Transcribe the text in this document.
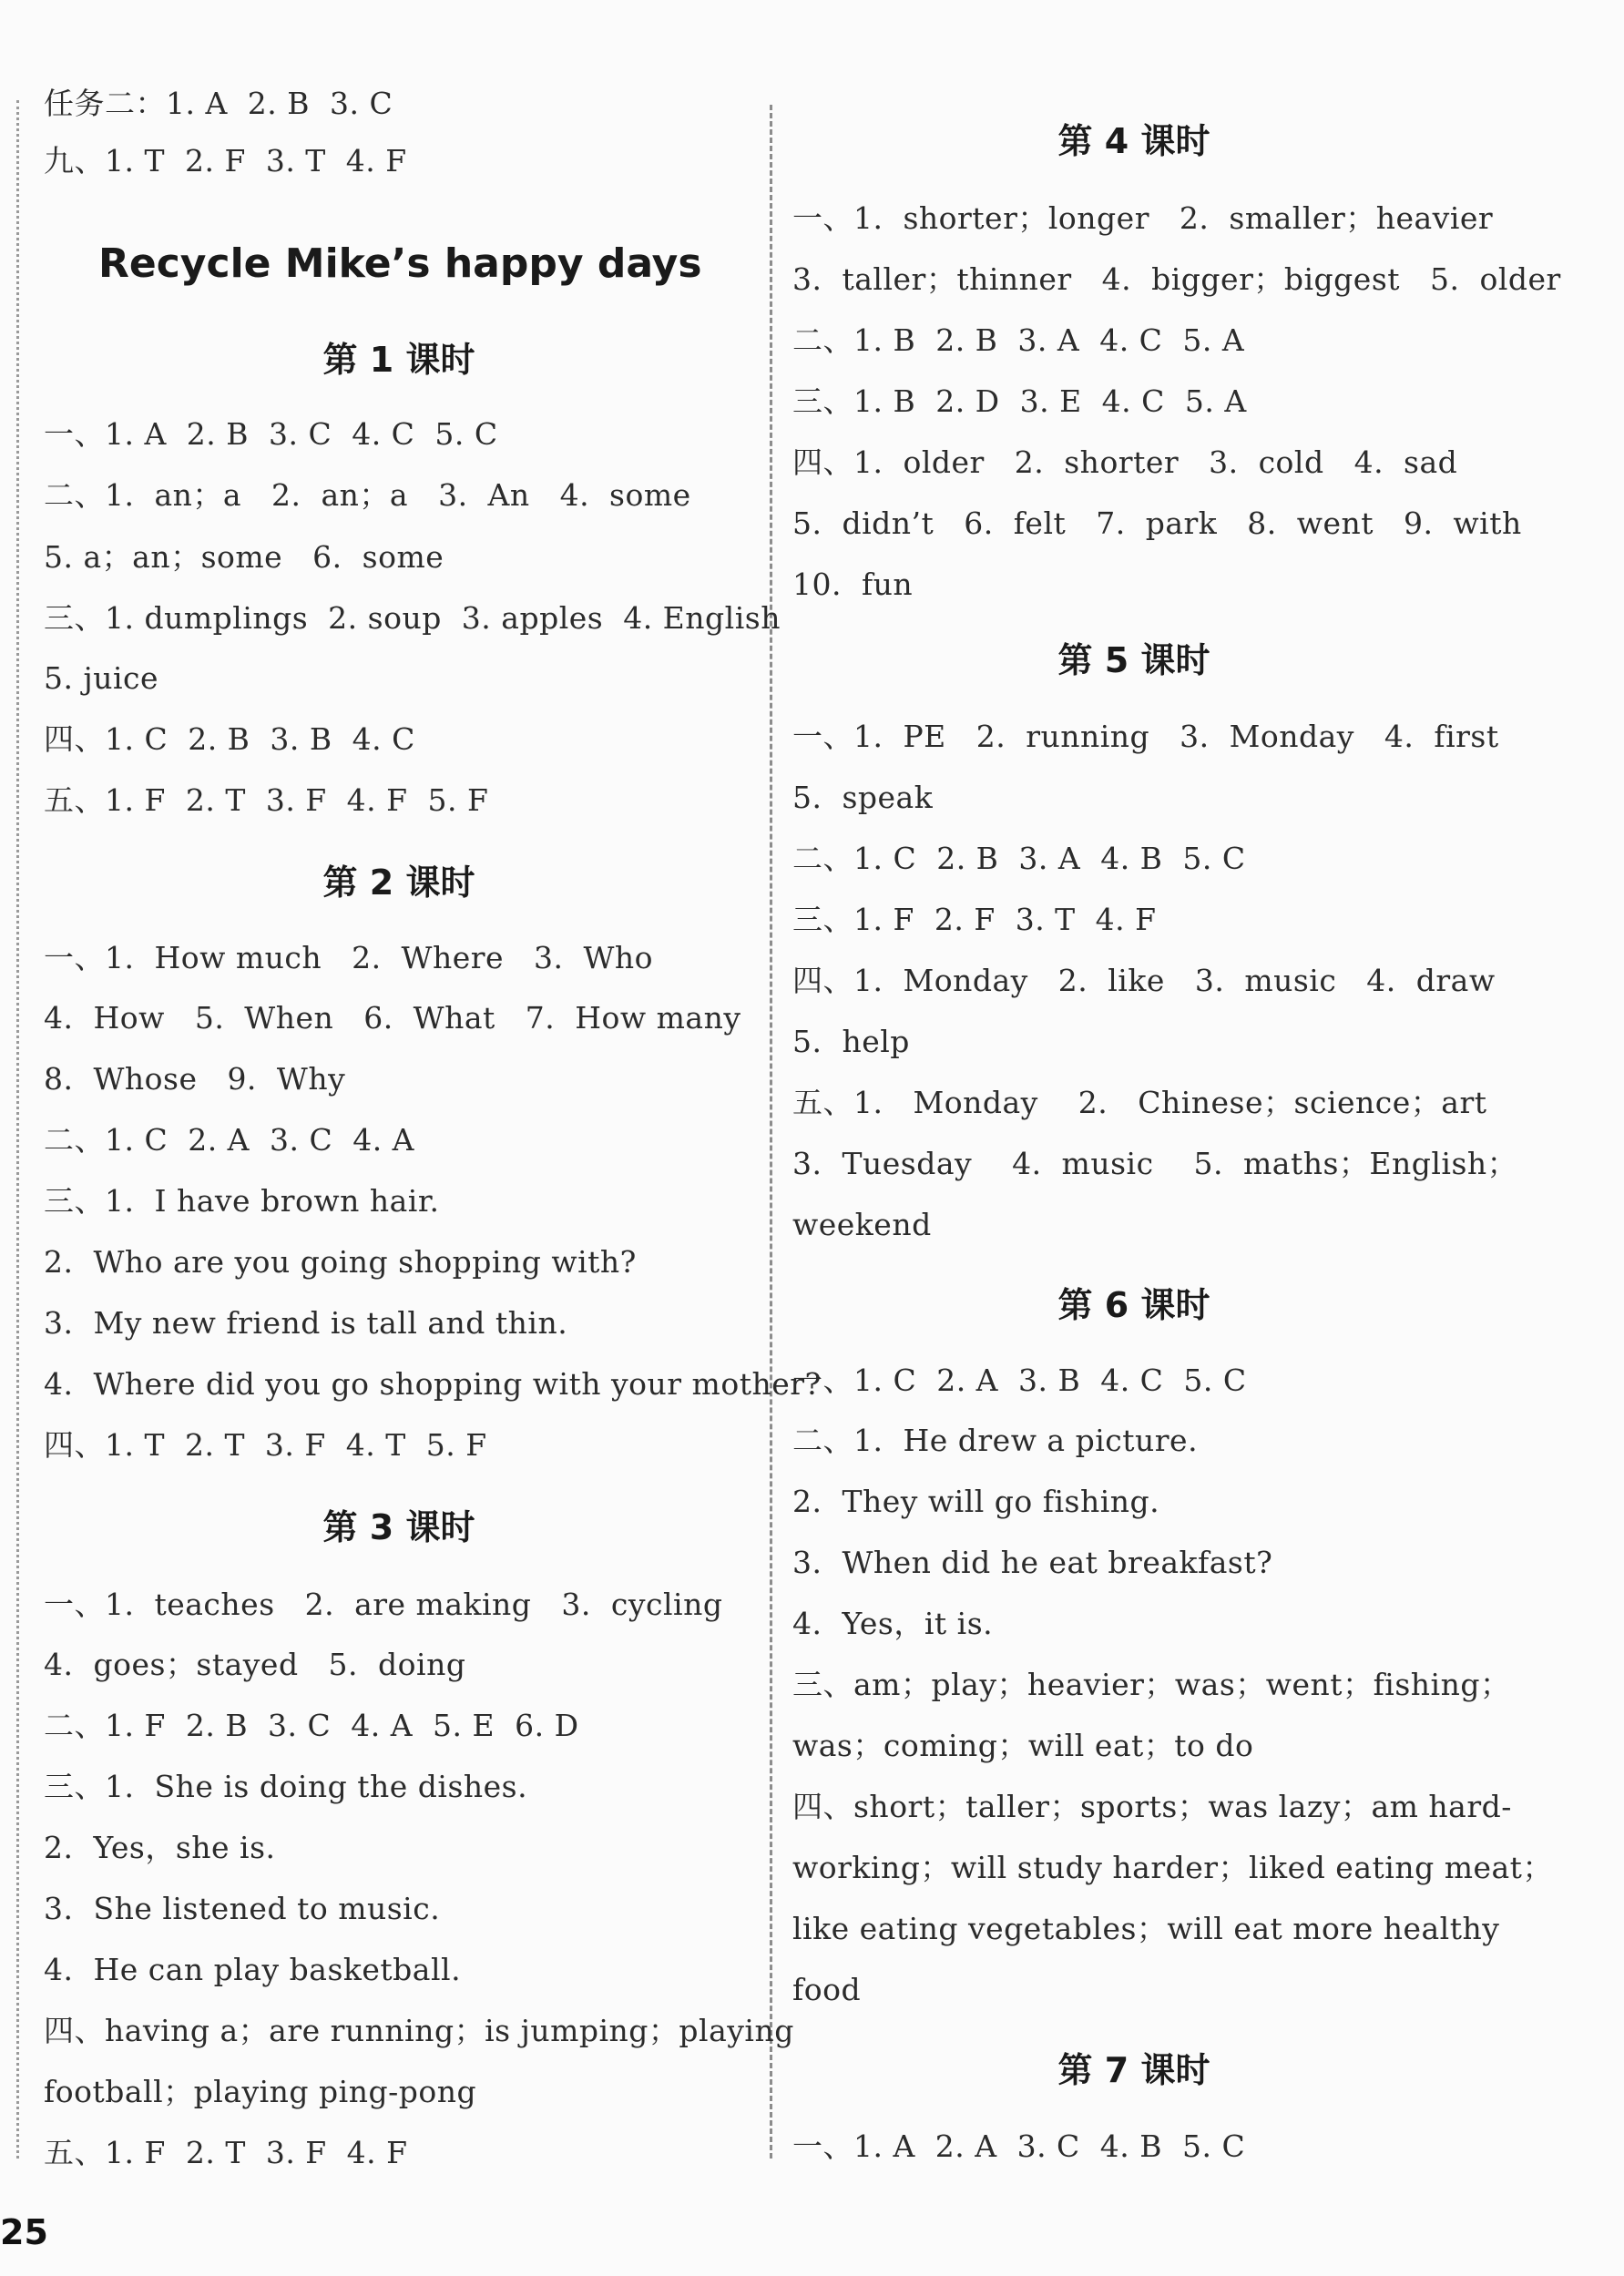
任务二：1. A  2. B  3. C
九、1. T  2. F  3. T  4. F
Recycle Mike’s happy days
第 1 课时
一、1. A  2. B  3. C  4. C  5. C
二、1.  an；a   2.  an；a   3.  An   4.  some
5. a；an；some   6.  some
三、1. dumplings  2. soup  3. apples  4. English
5. juice
四、1. C  2. B  3. B  4. C
五、1. F  2. T  3. F  4. F  5. F
第 2 课时
一、1.  How much   2.  Where   3.  Who
4.  How   5.  When   6.  What   7.  How many
8.  Whose   9.  Why
二、1. C  2. A  3. C  4. A
三、1.  I have brown hair.
2.  Who are you going shopping with?
3.  My new friend is tall and thin.
4.  Where did you go shopping with your mother?
四、1. T  2. T  3. F  4. T  5. F
第 3 课时
一、1.  teaches   2.  are making   3.  cycling
4.  goes；stayed   5.  doing
二、1. F  2. B  3. C  4. A  5. E  6. D
三、1.  She is doing the dishes.
2.  Yes，she is.
3.  She listened to music.
4.  He can play basketball.
四、having a；are running；is jumping；playing
football；playing ping-pong
五、1. F  2. T  3. F  4. F
第 4 课时
一、1.  shorter；longer   2.  smaller；heavier
3.  taller；thinner   4.  bigger；biggest   5.  older
二、1. B  2. B  3. A  4. C  5. A
三、1. B  2. D  3. E  4. C  5. A
四、1.  older   2.  shorter   3.  cold   4.  sad
5.  didn’t   6.  felt   7.  park   8.  went   9.  with
10.  fun
第 5 课时
一、1.  PE   2.  running   3.  Monday   4.  first
5.  speak
二、1. C  2. B  3. A  4. B  5. C
三、1. F  2. F  3. T  4. F
四、1.  Monday   2.  like   3.  music   4.  draw
5.  help
五、1.   Monday    2.   Chinese；science；art
3.  Tuesday    4.  music    5.  maths；English；
weekend
第 6 课时
一、1. C  2. A  3. B  4. C  5. C
二、1.  He drew a picture.
2.  They will go fishing.
3.  When did he eat breakfast?
4.  Yes，it is.
三、am；play；heavier；was；went；fishing；
was；coming；will eat；to do
四、short；taller；sports；was lazy；am hard-
working；will study harder；liked eating meat；
like eating vegetables；will eat more healthy
food
第 7 课时
一、1. A  2. A  3. C  4. B  5. C
25
